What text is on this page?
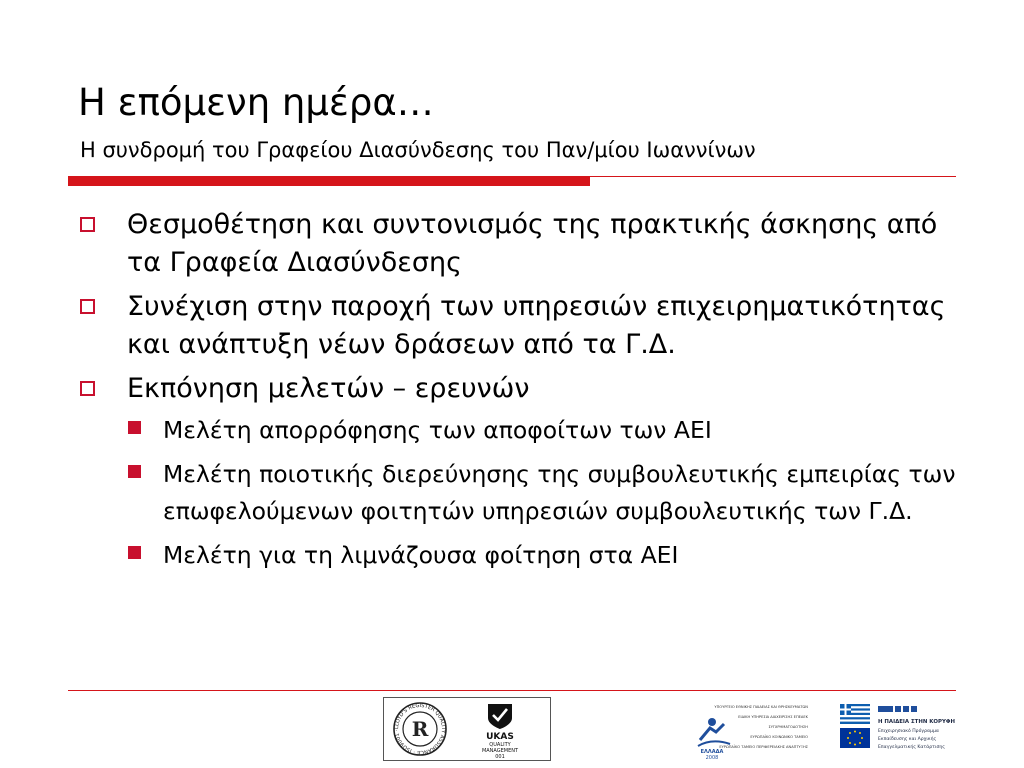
Η επόμενη ημέρα…
Η συνδρομή του Γραφείου Διασύνδεσης του Παν/μίου Ιωαννίνων
Θεσμοθέτηση και συντονισμός της πρακτικής άσκησης από τα Γραφεία Διασύνδεσης
Συνέχιση στην παροχή των υπηρεσιών επιχειρηματικότητας και ανάπτυξη νέων δράσεων από τα Γ.Δ.
Εκπόνηση μελετών – ερευνών
Μελέτη απορρόφησης των αποφοίτων των ΑΕΙ
Μελέτη ποιοτικής διερεύνησης της συμβουλευτικής εμπειρίας των επωφελούμενων φοιτητών υπηρεσιών συμβουλευτικής των Γ.Δ.
Μελέτη για τη λιμνάζουσα φοίτηση στα ΑΕΙ
LLOYD'S REGISTER QUALITY ASSURANCE · ISO9001 · R	UKAS
QUALITY
MANAGEMENT
001
ΕΛΛΑΔΑ
2008
ΥΠΟΥΡΓΕΙΟ ΕΘΝΙΚΗΣ ΠΑΙΔΕΙΑΣ ΚΑΙ ΘΡΗΣΚΕΥΜΑΤΩΝ
ΕΙΔΙΚΗ ΥΠΗΡΕΣΙΑ ΔΙΑΧΕΙΡΙΣΗΣ ΕΠΕΑΕΚ
ΣΥΓΧΡΗΜΑΤΟΔΟΤΗΣΗ
ΕΥΡΩΠΑΪΚΟ ΚΟΙΝΩΝΙΚΟ ΤΑΜΕΙΟ
ΕΥΡΩΠΑΪΚΟ ΤΑΜΕΙΟ ΠΕΡΙΦΕΡΕΙΑΚΗΣ ΑΝΑΠΤΥΞΗΣ
Η ΠΑΙΔΕΙΑ ΣΤΗΝ ΚΟΡΥΦΗ
Επιχειρησιακό Πρόγραμμα
Εκπαίδευσης και Αρχικής
Επαγγελματικής Κατάρτισης
